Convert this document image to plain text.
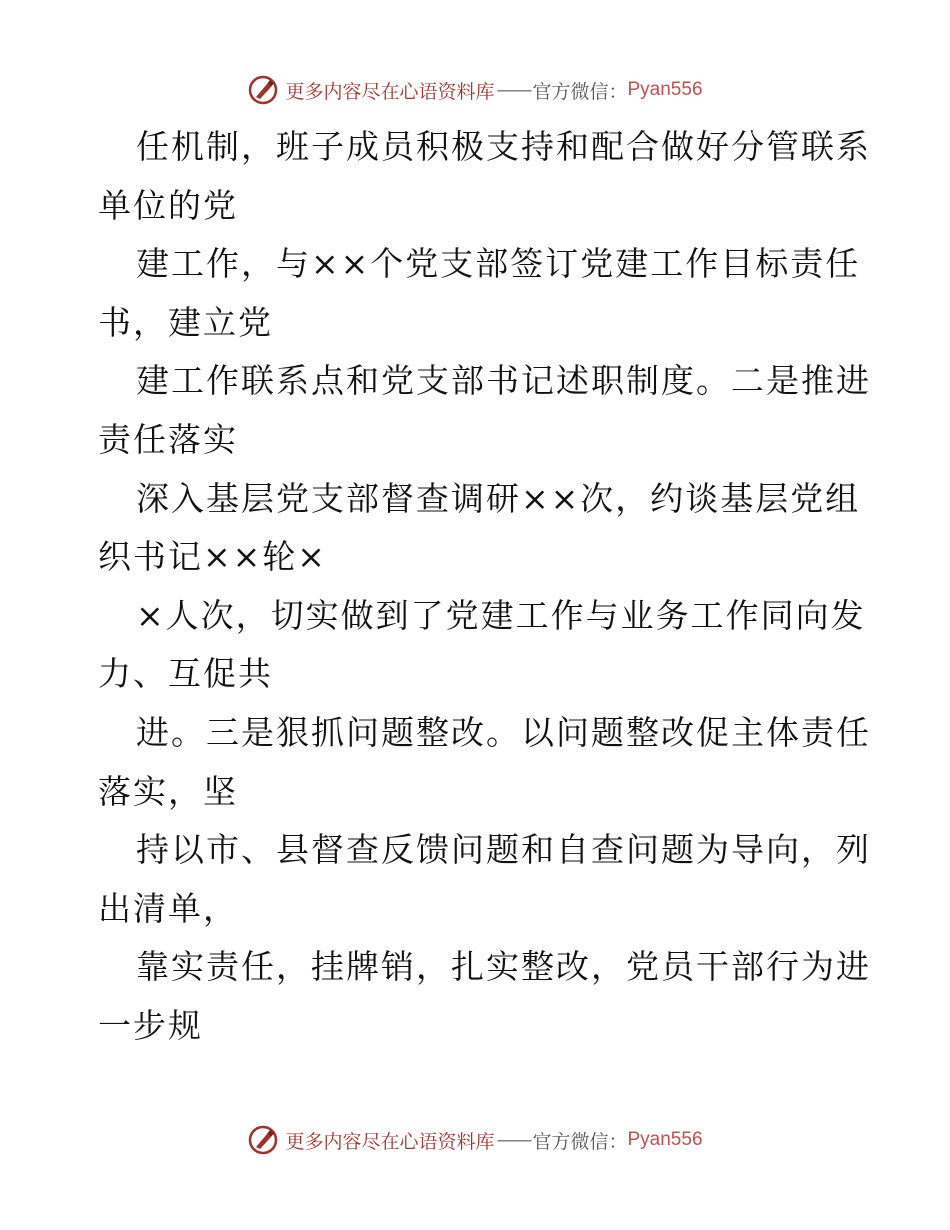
更多内容尽在心语资料库 —— 官方微信： Pyan556
任机制，班子成员积极支持和配合做好分管联系
单位的党
建工作，与××个党支部签订党建工作目标责任
书，建立党
建工作联系点和党支部书记述职制度。二是推进
责任落实
深入基层党支部督查调研××次，约谈基层党组
织书记××轮×
×人次，切实做到了党建工作与业务工作同向发
力、互促共
进。三是狠抓问题整改。以问题整改促主体责任
落实，坚
持以市、县督查反馈问题和自查问题为导向，列
出清单，
靠实责任，挂牌销，扎实整改，党员干部行为进
一步规
更多内容尽在心语资料库 —— 官方微信： Pyan556
